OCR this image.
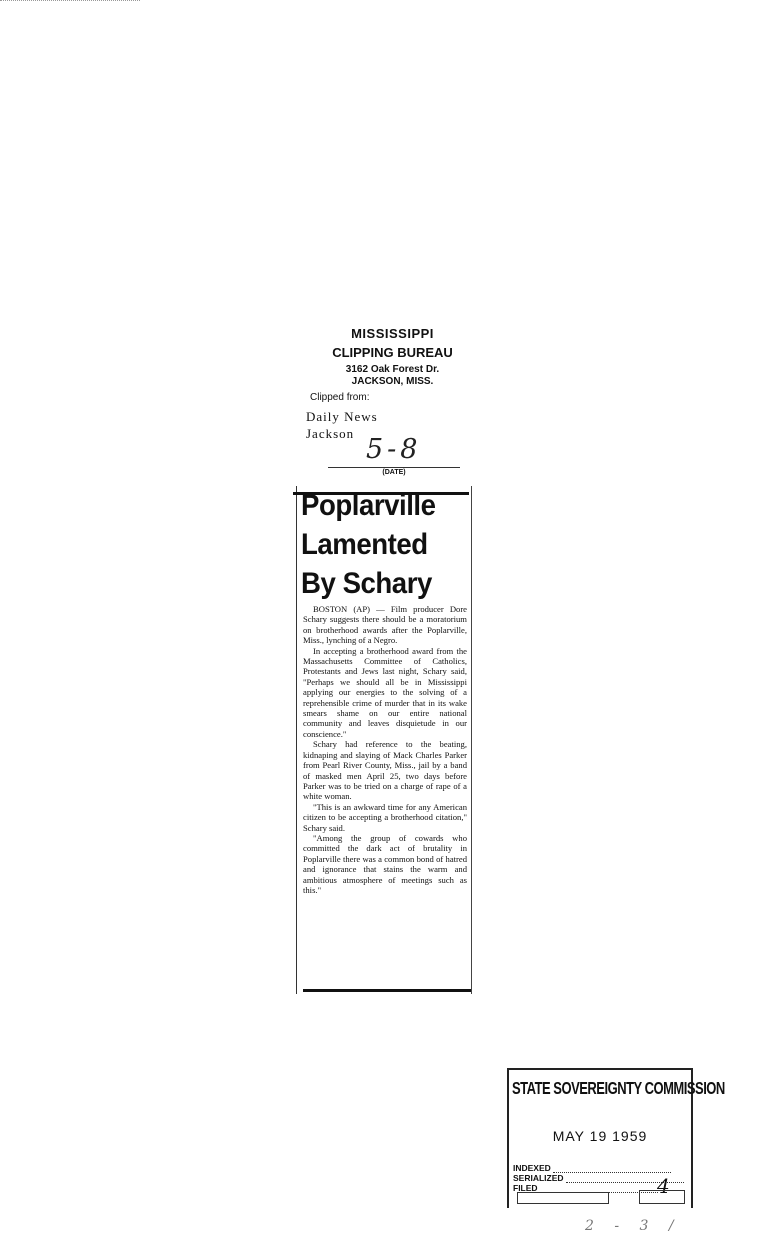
MISSISSIPPI
CLIPPING BUREAU
3162 Oak Forest Dr.
JACKSON, MISS.
Clipped from:
Daily News
Jackson
5-8
(DATE)
Poplarville
Lamented
By Schary

BOSTON (AP) — Film producer Dore Schary suggests there should be a moratorium on brotherhood awards after the Poplarville, Miss., lynching of a Negro.

In accepting a brotherhood award from the Massachusetts Committee of Catholics, Protestants and Jews last night, Schary said, "Perhaps we should all be in Mississippi applying our energies to the solving of a reprehensible crime of murder that in its wake smears shame on our entire national community and leaves disquietude in our conscience."

Schary had reference to the beating, kidnaping and slaying of Mack Charles Parker from Pearl River County, Miss., jail by a band of masked men April 25, two days before Parker was to be tried on a charge of rape of a white woman.

"This is an awkward time for any American citizen to be accepting a brotherhood citation," Schary said.

"Among the group of cowards who committed the dark act of brutality in Poplarville there was a common bond of hatred and ignorance that stains the warm and ambitious atmosphere of meetings such as this."

STATE SOVEREIGNTY COMMISSION
MAY 19 1959
INDEXED
SERIALIZED
FILED	4
2 - 3 /
